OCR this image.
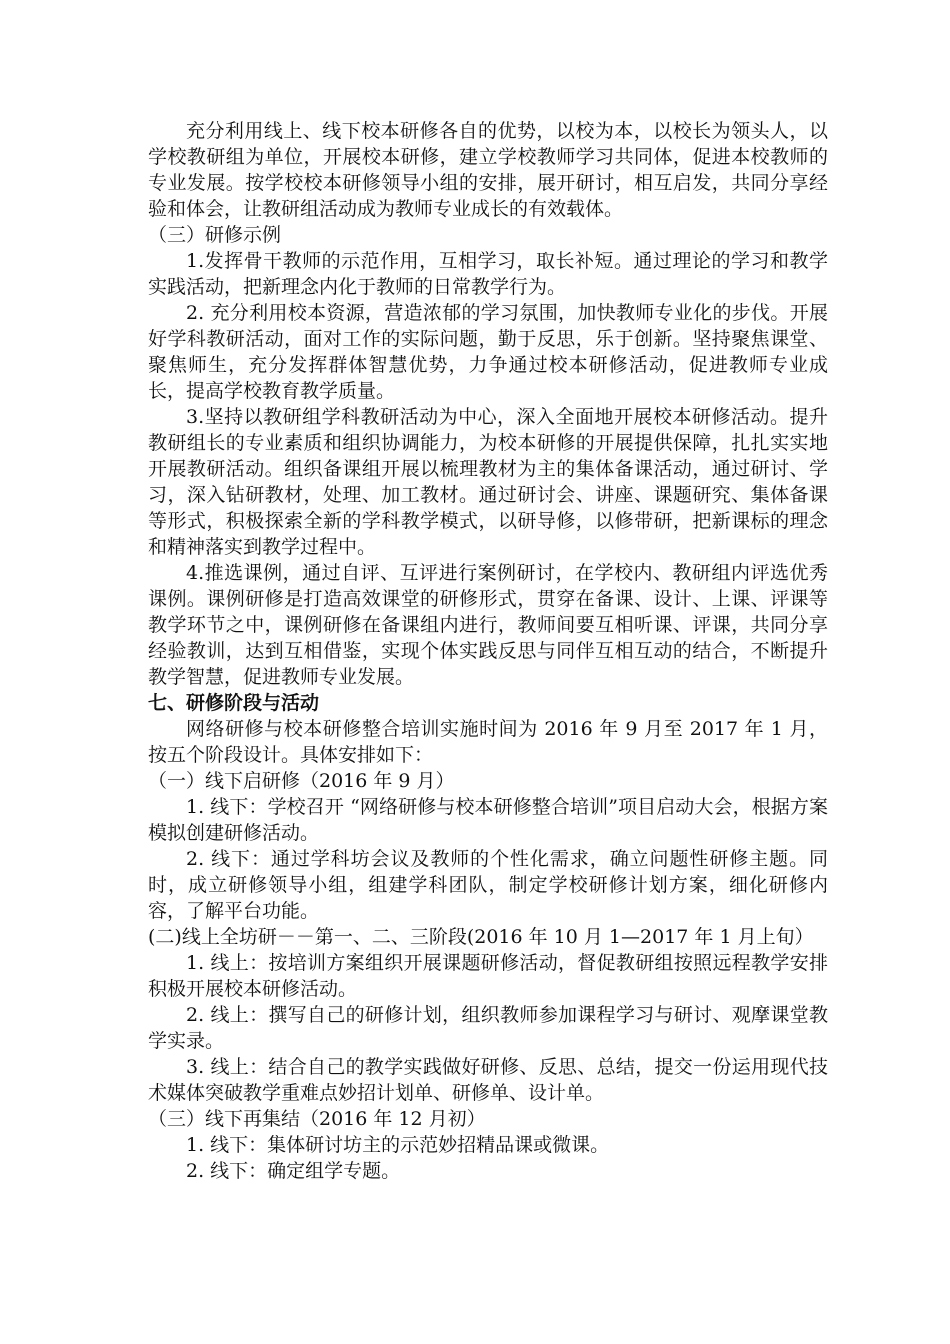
充分利用线上、线下校本研修各自的优势，以校为本，以校长为领头人，以学校教研组为单位，开展校本研修，建立学校教师学习共同体，促进本校教师的专业发展。按学校校本研修领导小组的安排，展开研讨，相互启发，共同分享经验和体会，让教研组活动成为教师专业成长的有效载体。

（三）研修示例

1.发挥骨干教师的示范作用，互相学习，取长补短。通过理论的学习和教学实践活动，把新理念内化于教师的日常教学行为。

2. 充分利用校本资源，营造浓郁的学习氛围，加快教师专业化的步伐。开展好学科教研活动，面对工作的实际问题，勤于反思，乐于创新。坚持聚焦课堂、聚焦师生，充分发挥群体智慧优势，力争通过校本研修活动，促进教师专业成长，提高学校教育教学质量。

3.坚持以教研组学科教研活动为中心，深入全面地开展校本研修活动。提升教研组长的专业素质和组织协调能力，为校本研修的开展提供保障，扎扎实实地开展教研活动。组织备课组开展以梳理教材为主的集体备课活动，通过研讨、学习，深入钻研教材，处理、加工教材。通过研讨会、讲座、课题研究、集体备课等形式，积极探索全新的学科教学模式，以研导修，以修带研，把新课标的理念和精神落实到教学过程中。

4.推选课例，通过自评、互评进行案例研讨，在学校内、教研组内评选优秀课例。课例研修是打造高效课堂的研修形式，贯穿在备课、设计、上课、评课等教学环节之中，课例研修在备课组内进行，教师间要互相听课、评课，共同分享经验教训，达到互相借鉴，实现个体实践反思与同伴互相互动的结合，不断提升教学智慧，促进教师专业发展。

七、研修阶段与活动

网络研修与校本研修整合培训实施时间为 2016 年 9 月至 2017 年 1 月，按五个阶段设计。具体安排如下：

（一）线下启研修（2016 年 9 月）

1. 线下：学校召开 “网络研修与校本研修整合培训”项目启动大会，根据方案模拟创建研修活动。

2. 线下：通过学科坊会议及教师的个性化需求，确立问题性研修主题。同时，成立研修领导小组，组建学科团队，制定学校研修计划方案，细化研修内容，了解平台功能。

(二)线上全坊研－－第一、二、三阶段(2016 年 10 月 1—2017 年 1 月上旬）

1. 线上：按培训方案组织开展课题研修活动，督促教研组按照远程教学安排积极开展校本研修活动。

2. 线上：撰写自己的研修计划，组织教师参加课程学习与研讨、观摩课堂教学实录。

3. 线上：结合自己的教学实践做好研修、反思、总结，提交一份运用现代技术媒体突破教学重难点妙招计划单、研修单、设计单。

（三）线下再集结（2016 年 12 月初）

1. 线下：集体研讨坊主的示范妙招精品课或微课。

2. 线下：确定组学专题。
